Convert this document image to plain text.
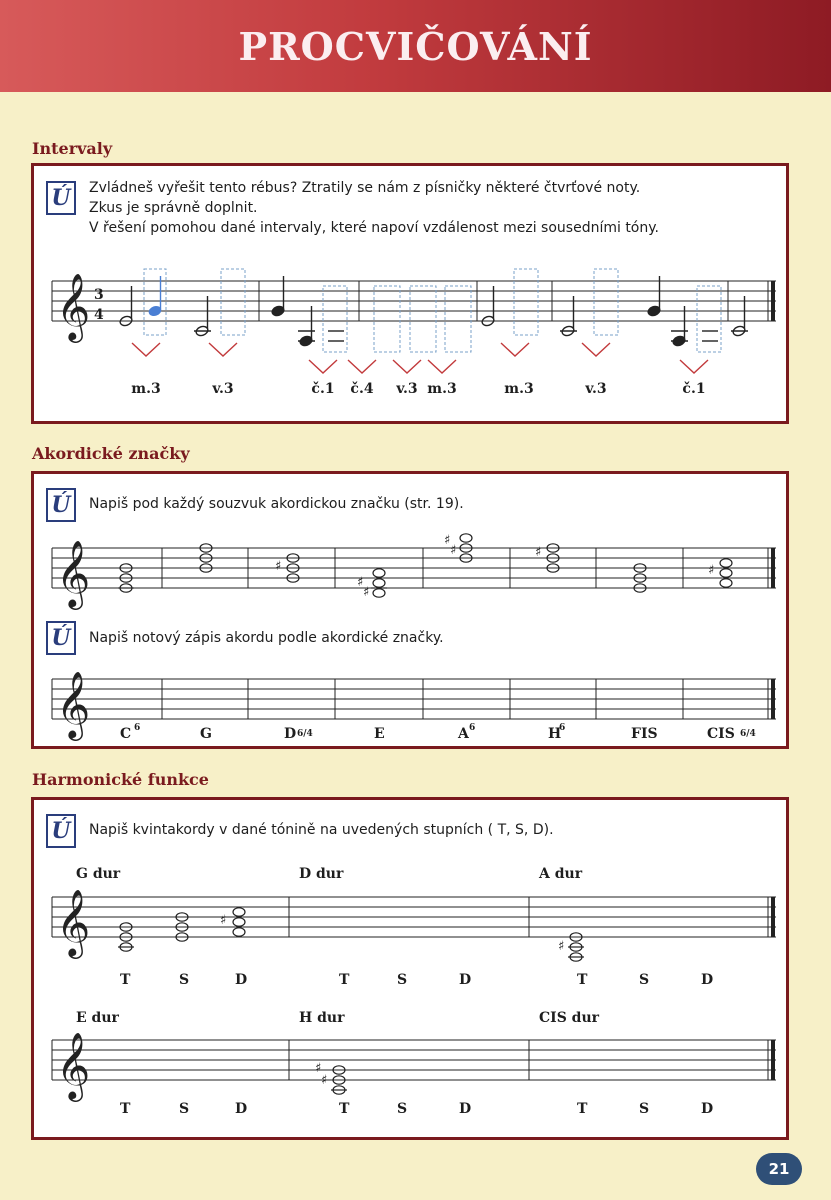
PROCVIČOVÁNÍ
Intervaly
Ú	Zvládneš vyřešit tento rébus? Ztratily se nám z písničky některé čtvrťové noty.
Zkus je správně doplnit.
V řešení pomohou dané intervaly, které napoví vzdálenost mezi sousedními tóny.
𝄞 3
4
m.3	v.3	č.1 č.4 v.3 m.3	m.3	v.3	č.1
Akordické značky
Ú	Napiš pod každý souzvuk akordickou značku (str. 19).
𝄞	♯
♯
♯
♯
♯	♯
♯
𝄞 C 6	G	D 6/4	E	A 6	H
6	FIS	CIS 6/4
Ú	Napiš notový zápis akordu podle akordické značky.
Harmonické funkce
Ú	Napiš kvintakordy v dané tónině na uvedených stupních ( T, S, D).
G dur	D dur	A dur
E dur	H dur	CIS dur
𝄞	♯
♯
T	S	D	T	S	D	T	S	D
𝄞	♯
♯
T	S	D	T	S	D	T	S	D
21
